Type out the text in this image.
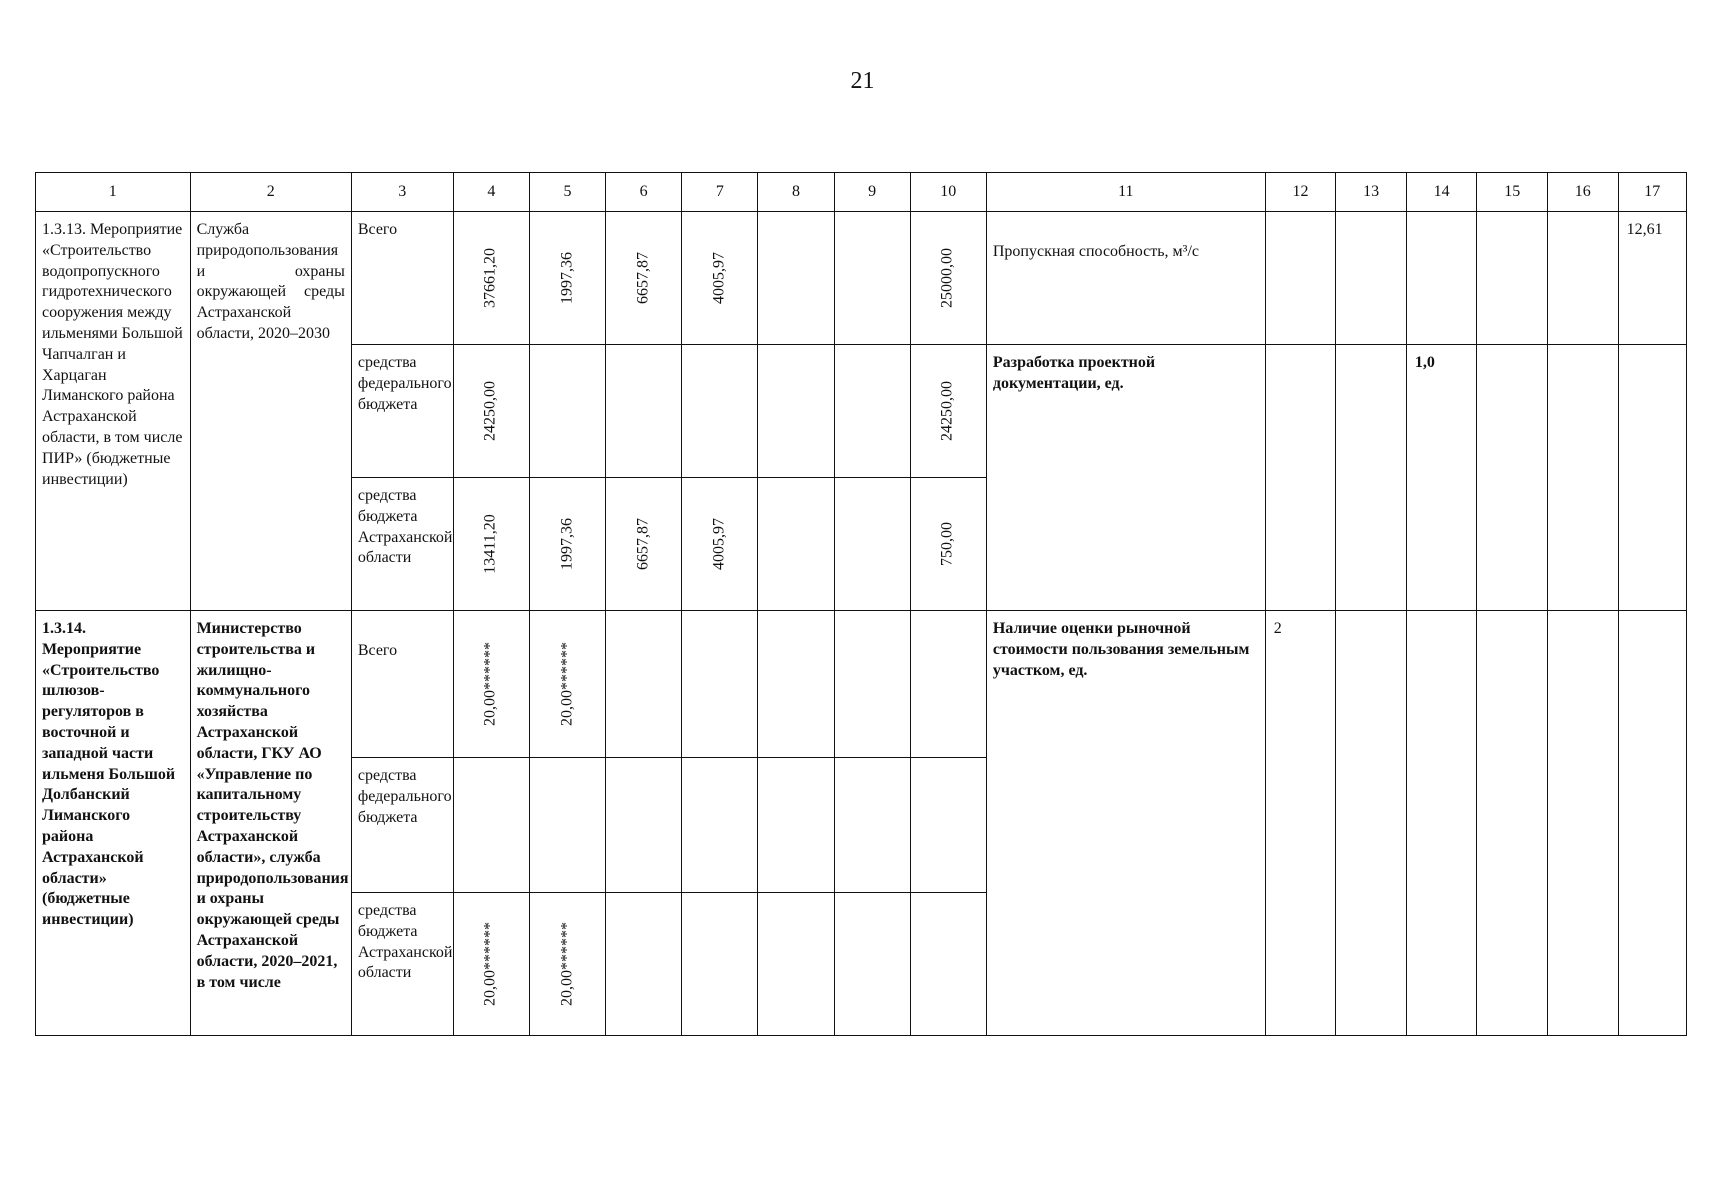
21
1	2	3	4	5	6	7	8	9	10	11	12	13	14	15	16	17

1.3.13. Мероприятие «Строительство водопропускного гидротехнического сооружения между ильменями Большой Чапчалган и Харцаган Лиманского района Астраханской области, в том числе ПИР» (бюджетные инвестиции)	Служба природопользования и охраны окружающей среды Астраханской области, 2020–2030	Всего	37661,20	1997,36	6657,87	4005,97			25000,00	Пропускная способность, м³/с						12,61

		средства федерального бюджета	24250,00						24250,00	Разработка проектной документации, ед.			1,0			

		средства бюджета Астраханской области	13411,20	1997,36	6657,87	4005,97			750,00							

1.3.14. Мероприятие «Строительство шлюзов-регуляторов в восточной и западной части ильменя Большой Долбанский Лиманского района Астраханской области» (бюджетные инвестиции)	Министерство строительства и жилищно-коммунального хозяйства Астраханской области, ГКУ АО «Управление по капитальному строительству Астраханской области», служба природопользования и охраны окружающей среды Астраханской области, 2020–2021, в том числе	Всего	20,00******	20,00******						Наличие оценки рыночной стоимости пользования земельным участком, ед.	2					

		средства федерального бюджета														

		средства бюджета Астраханской области	20,00******	20,00******												
